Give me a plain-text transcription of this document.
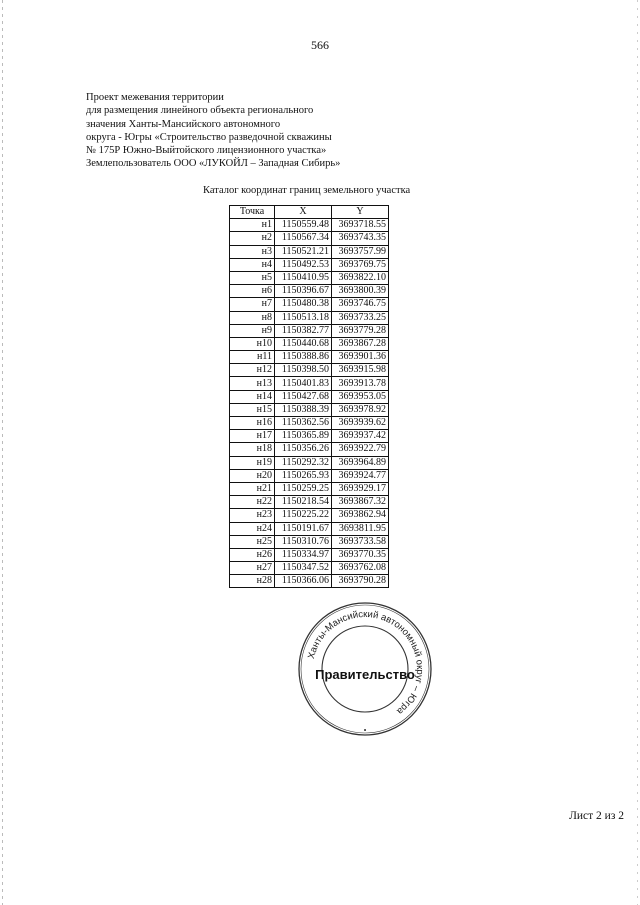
566
Проект межевания территории
для размещения линейного объекта регионального
значения Ханты-Мансийского автономного
округа - Югры «Строительство разведочной скважины
№ 175Р Южно-Выйтойского лицензионного участка»
Землепользователь ООО «ЛУКОЙЛ – Западная Сибирь»
Каталог координат границ земельного участка
Точка	X	Y
н1	1150559.48	3693718.55
н2	1150567.34	3693743.35
н3	1150521.21	3693757.99
н4	1150492.53	3693769.75
н5	1150410.95	3693822.10
н6	1150396.67	3693800.39
н7	1150480.38	3693746.75
н8	1150513.18	3693733.25
н9	1150382.77	3693779.28
н10	1150440.68	3693867.28
н11	1150388.86	3693901.36
н12	1150398.50	3693915.98
н13	1150401.83	3693913.78
н14	1150427.68	3693953.05
н15	1150388.39	3693978.92
н16	1150362.56	3693939.62
н17	1150365.89	3693937.42
н18	1150356.26	3693922.79
н19	1150292.32	3693964.89
н20	1150265.93	3693924.77
н21	1150259.25	3693929.17
н22	1150218.54	3693867.32
н23	1150225.22	3693862.94
н24	1150191.67	3693811.95
н25	1150310.76	3693733.58
н26	1150334.97	3693770.35
н27	1150347.52	3693762.08
н28	1150366.06	3693790.28
Ханты-Мансийский автономный округ – Югра
Правительство
•
Лист 2 из 2
